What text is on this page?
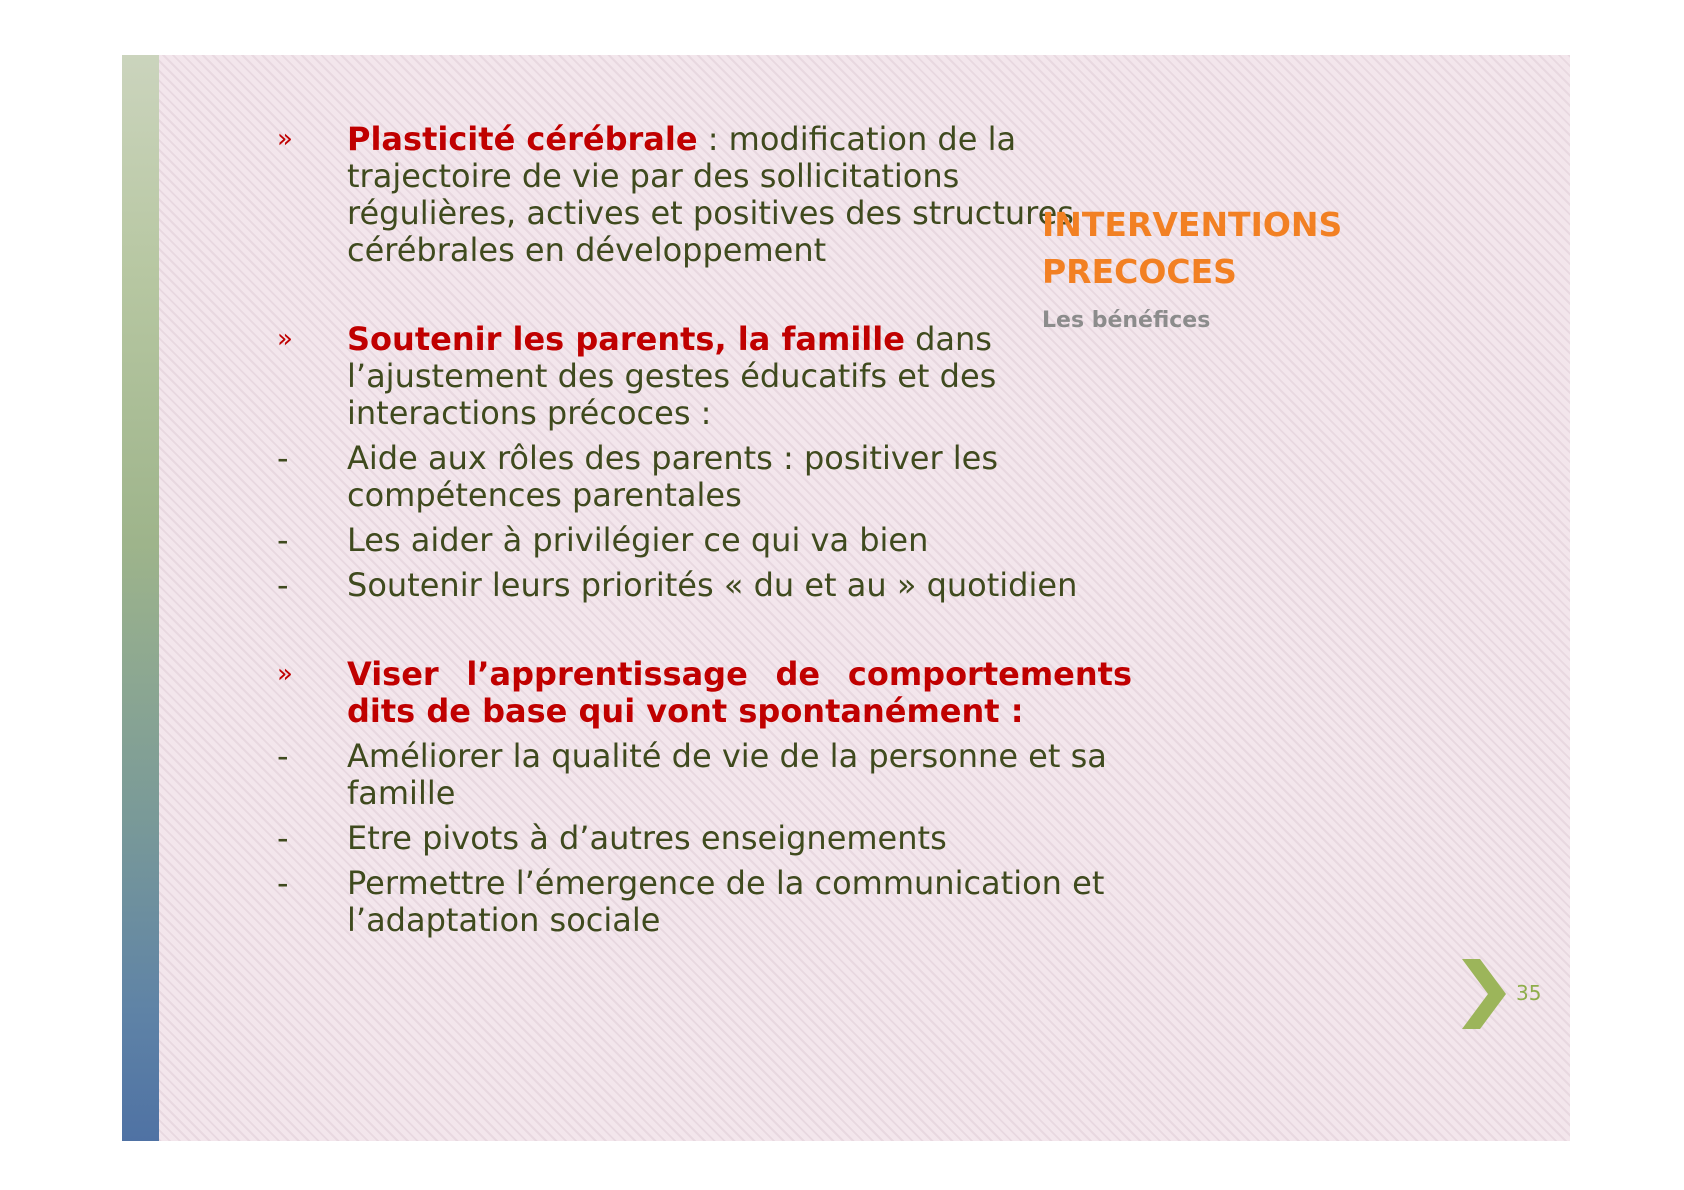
»	Plasticité cérébrale : modification de la trajectoire de vie par des sollicitations régulières, actives et positives des structures cérébrales en développement
»	Soutenir les parents, la famille dans l’ajustement des gestes éducatifs et des interactions précoces :
-	Aide aux rôles des parents : positiver les compétences parentales
-	Les aider à privilégier ce qui va bien
-	Soutenir leurs priorités « du et au » quotidien
»	Viser l’apprentissage de comportements
dits de base qui vont spontanément :
-	Améliorer la qualité de vie de la personne et sa famille
-	Etre pivots à d’autres enseignements
-	Permettre l’émergence de la communication et l’adaptation sociale
INTERVENTIONS
PRECOCES
Les bénéfices
35
